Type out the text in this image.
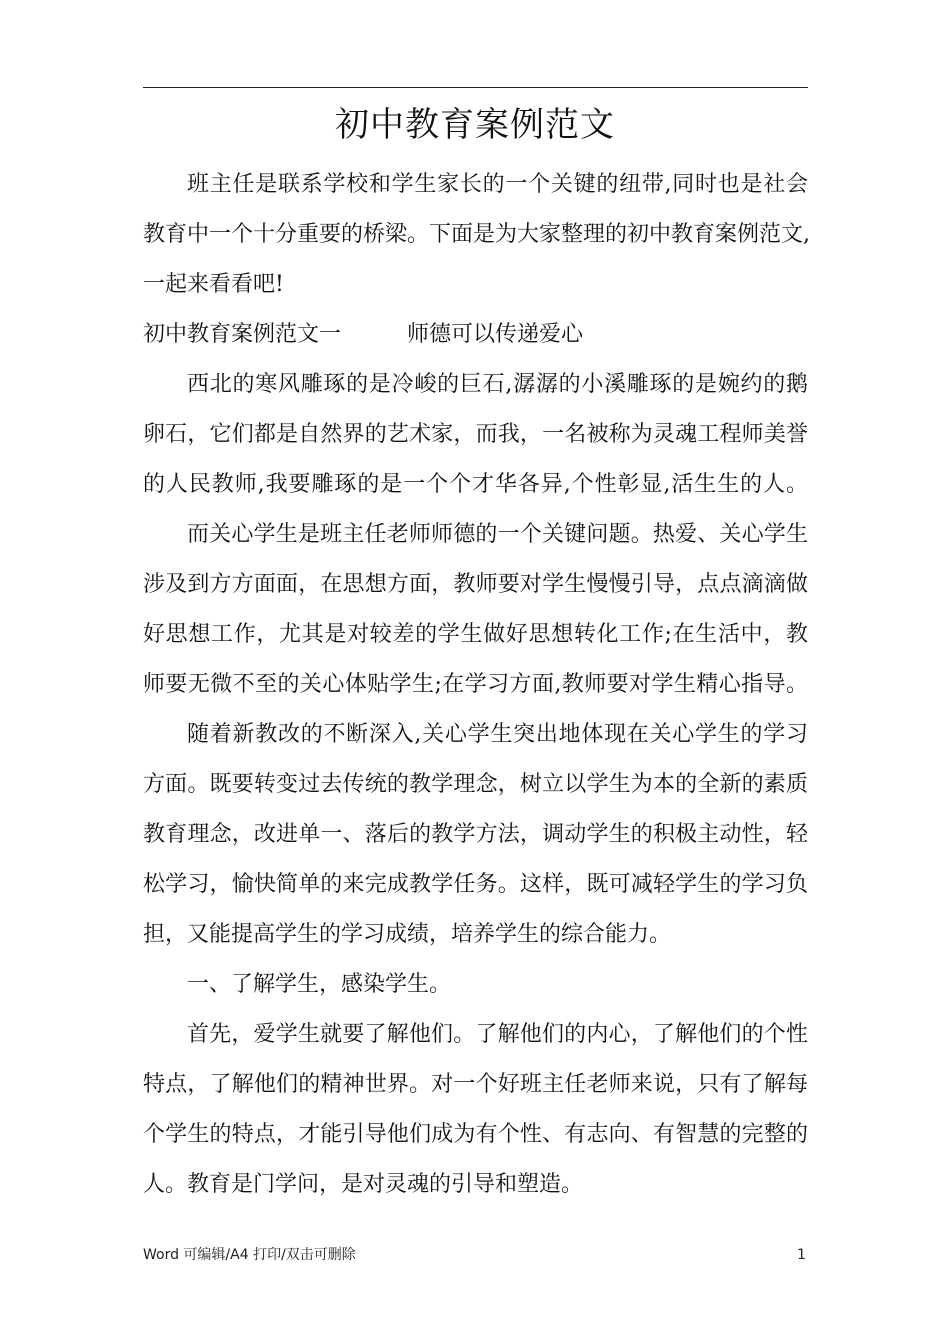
初中教育案例范文
班主任是联系学校和学生家长的一个关键的纽带,同时也是社会
教育中一个十分重要的桥梁。下面是为大家整理的初中教育案例范文,
一起来看看吧!
初中教育案例范文一	师德可以传递爱心
西北的寒风雕琢的是冷峻的巨石,潺潺的小溪雕琢的是婉约的鹅
卵石，它们都是自然界的艺术家，而我，一名被称为灵魂工程师美誉
的人民教师,我要雕琢的是一个个才华各异,个性彰显,活生生的人。
而关心学生是班主任老师师德的一个关键问题。热爱、关心学生
涉及到方方面面，在思想方面，教师要对学生慢慢引导，点点滴滴做
好思想工作，尤其是对较差的学生做好思想转化工作;在生活中，教
师要无微不至的关心体贴学生;在学习方面,教师要对学生精心指导。
随着新教改的不断深入,关心学生突出地体现在关心学生的学习
方面。既要转变过去传统的教学理念，树立以学生为本的全新的素质
教育理念，改进单一、落后的教学方法，调动学生的积极主动性，轻
松学习，愉快简单的来完成教学任务。这样，既可减轻学生的学习负
担，又能提高学生的学习成绩，培养学生的综合能力。
一、了解学生，感染学生。
首先，爱学生就要了解他们。了解他们的内心，了解他们的个性
特点，了解他们的精神世界。对一个好班主任老师来说，只有了解每
个学生的特点，才能引导他们成为有个性、有志向、有智慧的完整的
人。教育是门学问，是对灵魂的引导和塑造。
Word 可编辑/A4 打印/双击可删除	1
